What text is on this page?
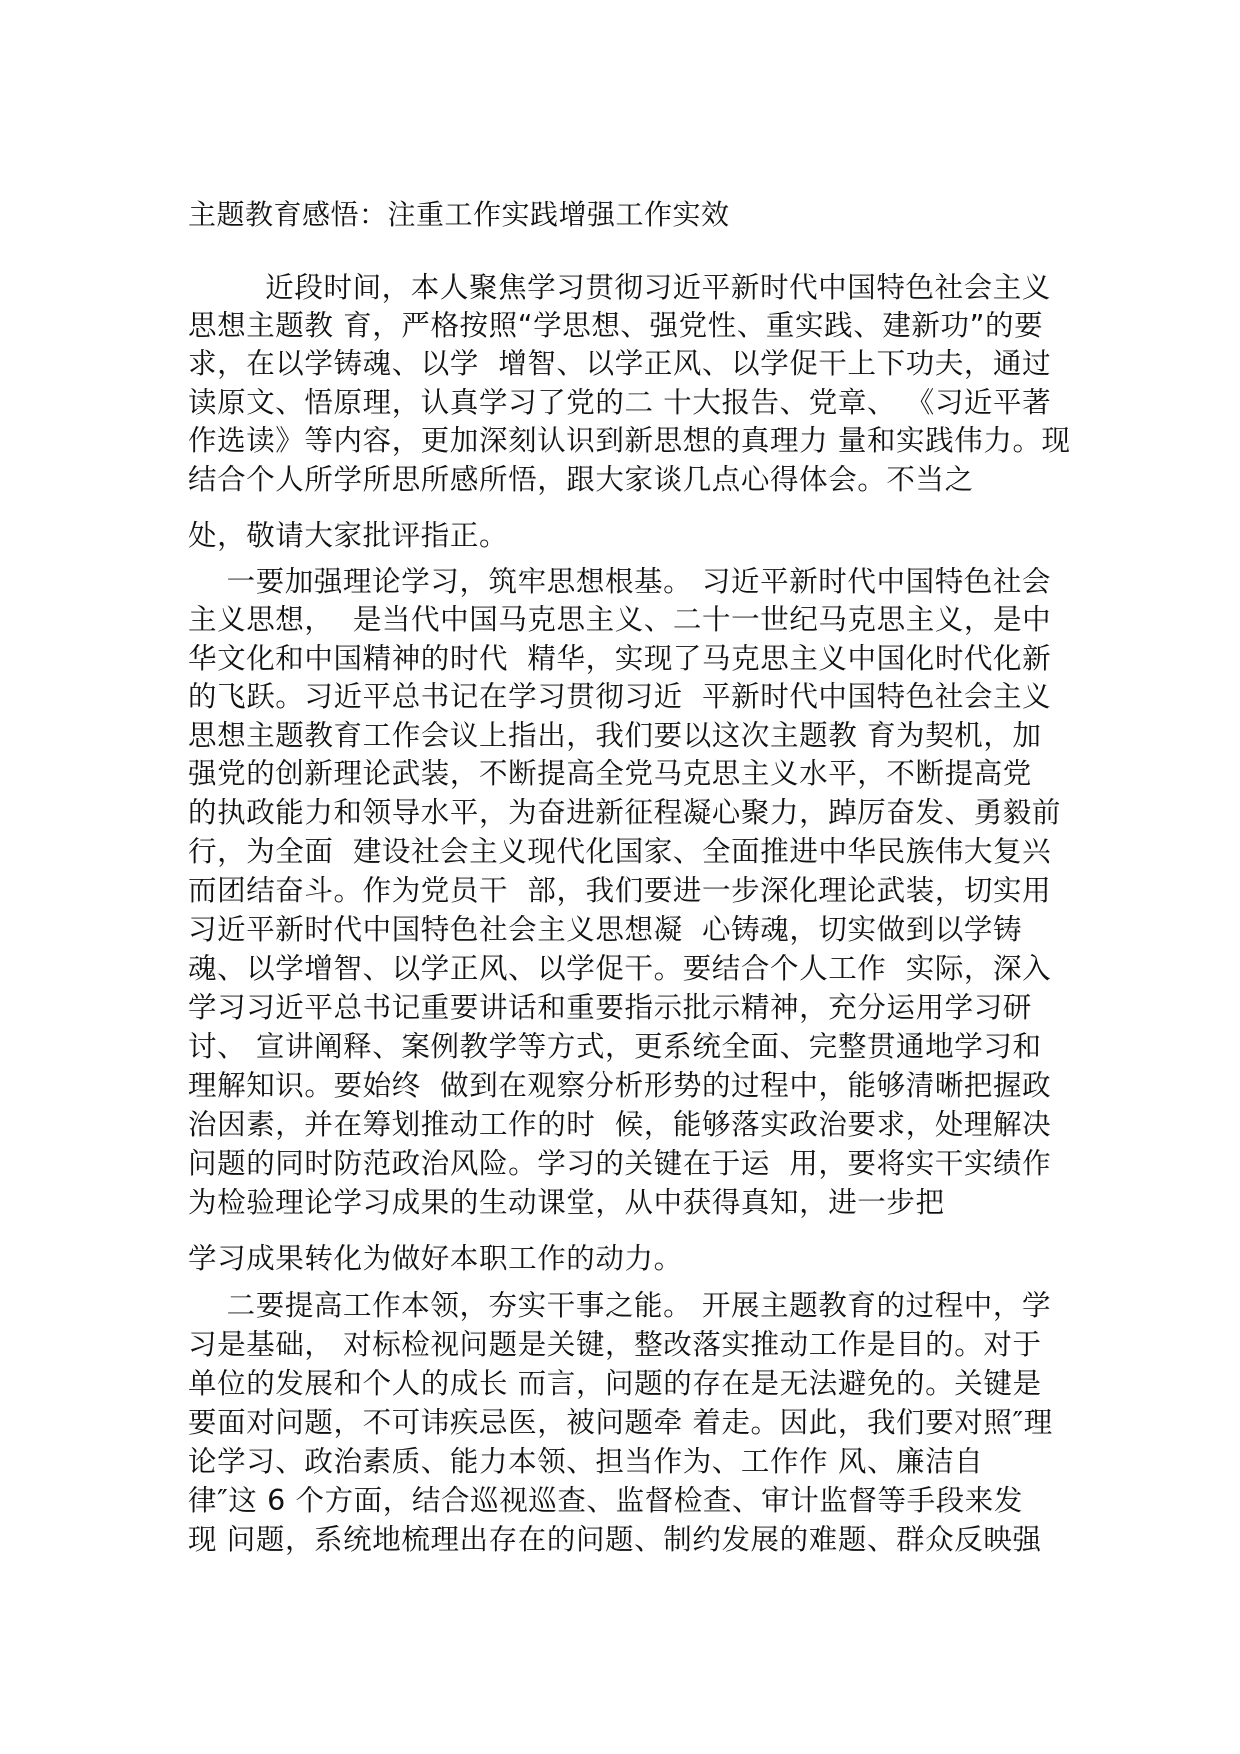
主题教育感悟：注重工作实践增强工作实效
近段时间，本人聚焦学习贯彻习近平新时代中国特色社会主义
思想主题教 育，严格按照“学思想、强党性、重实践、建新功”的要
求，在以学铸魂、以学  增智、以学正风、以学促干上下功夫，通过
读原文、悟原理，认真学习了党的二 十大报告、党章、 《习近平著
作选读》等内容，更加深刻认识到新思想的真理力 量和实践伟力。现
结合个人所学所思所感所悟，跟大家谈几点心得体会。不当之
处，敬请大家批评指正。
一要加强理论学习，筑牢思想根基。 习近平新时代中国特色社会
主义思想，  是当代中国马克思主义、二十一世纪马克思主义，是中
华文化和中国精神的时代  精华，实现了马克思主义中国化时代化新
的飞跃。习近平总书记在学习贯彻习近  平新时代中国特色社会主义
思想主题教育工作会议上指出，我们要以这次主题教 育为契机，加
强党的创新理论武装，不断提高全党马克思主义水平，不断提高党
的执政能力和领导水平，为奋进新征程凝心聚力，踔厉奋发、勇毅前
行，为全面  建设社会主义现代化国家、全面推进中华民族伟大复兴
而团结奋斗。作为党员干  部，我们要进一步深化理论武装，切实用
习近平新时代中国特色社会主义思想凝  心铸魂，切实做到以学铸
魂、以学增智、以学正风、以学促干。要结合个人工作  实际，深入
学习习近平总书记重要讲话和重要指示批示精神，充分运用学习研
讨、 宣讲阐释、案例教学等方式，更系统全面、完整贯通地学习和
理解知识。要始终  做到在观察分析形势的过程中，能够清晰把握政
治因素，并在筹划推动工作的时  候，能够落实政治要求，处理解决
问题的同时防范政治风险。学习的关键在于运  用，要将实干实绩作
为检验理论学习成果的生动课堂，从中获得真知，进一步把
学习成果转化为做好本职工作的动力。
二要提高工作本领，夯实干事之能。 开展主题教育的过程中，学
习是基础， 对标检视问题是关键，整改落实推动工作是目的。对于
单位的发展和个人的成长 而言，问题的存在是无法避免的。关键是
要面对问题，不可讳疾忌医，被问题牵 着走。因此，我们要对照″理
论学习、政治素质、能力本领、担当作为、工作作 风、廉洁自
律″这 6 个方面，结合巡视巡查、监督检查、审计监督等手段来发
现 问题，系统地梳理出存在的问题、制约发展的难题、群众反映强
